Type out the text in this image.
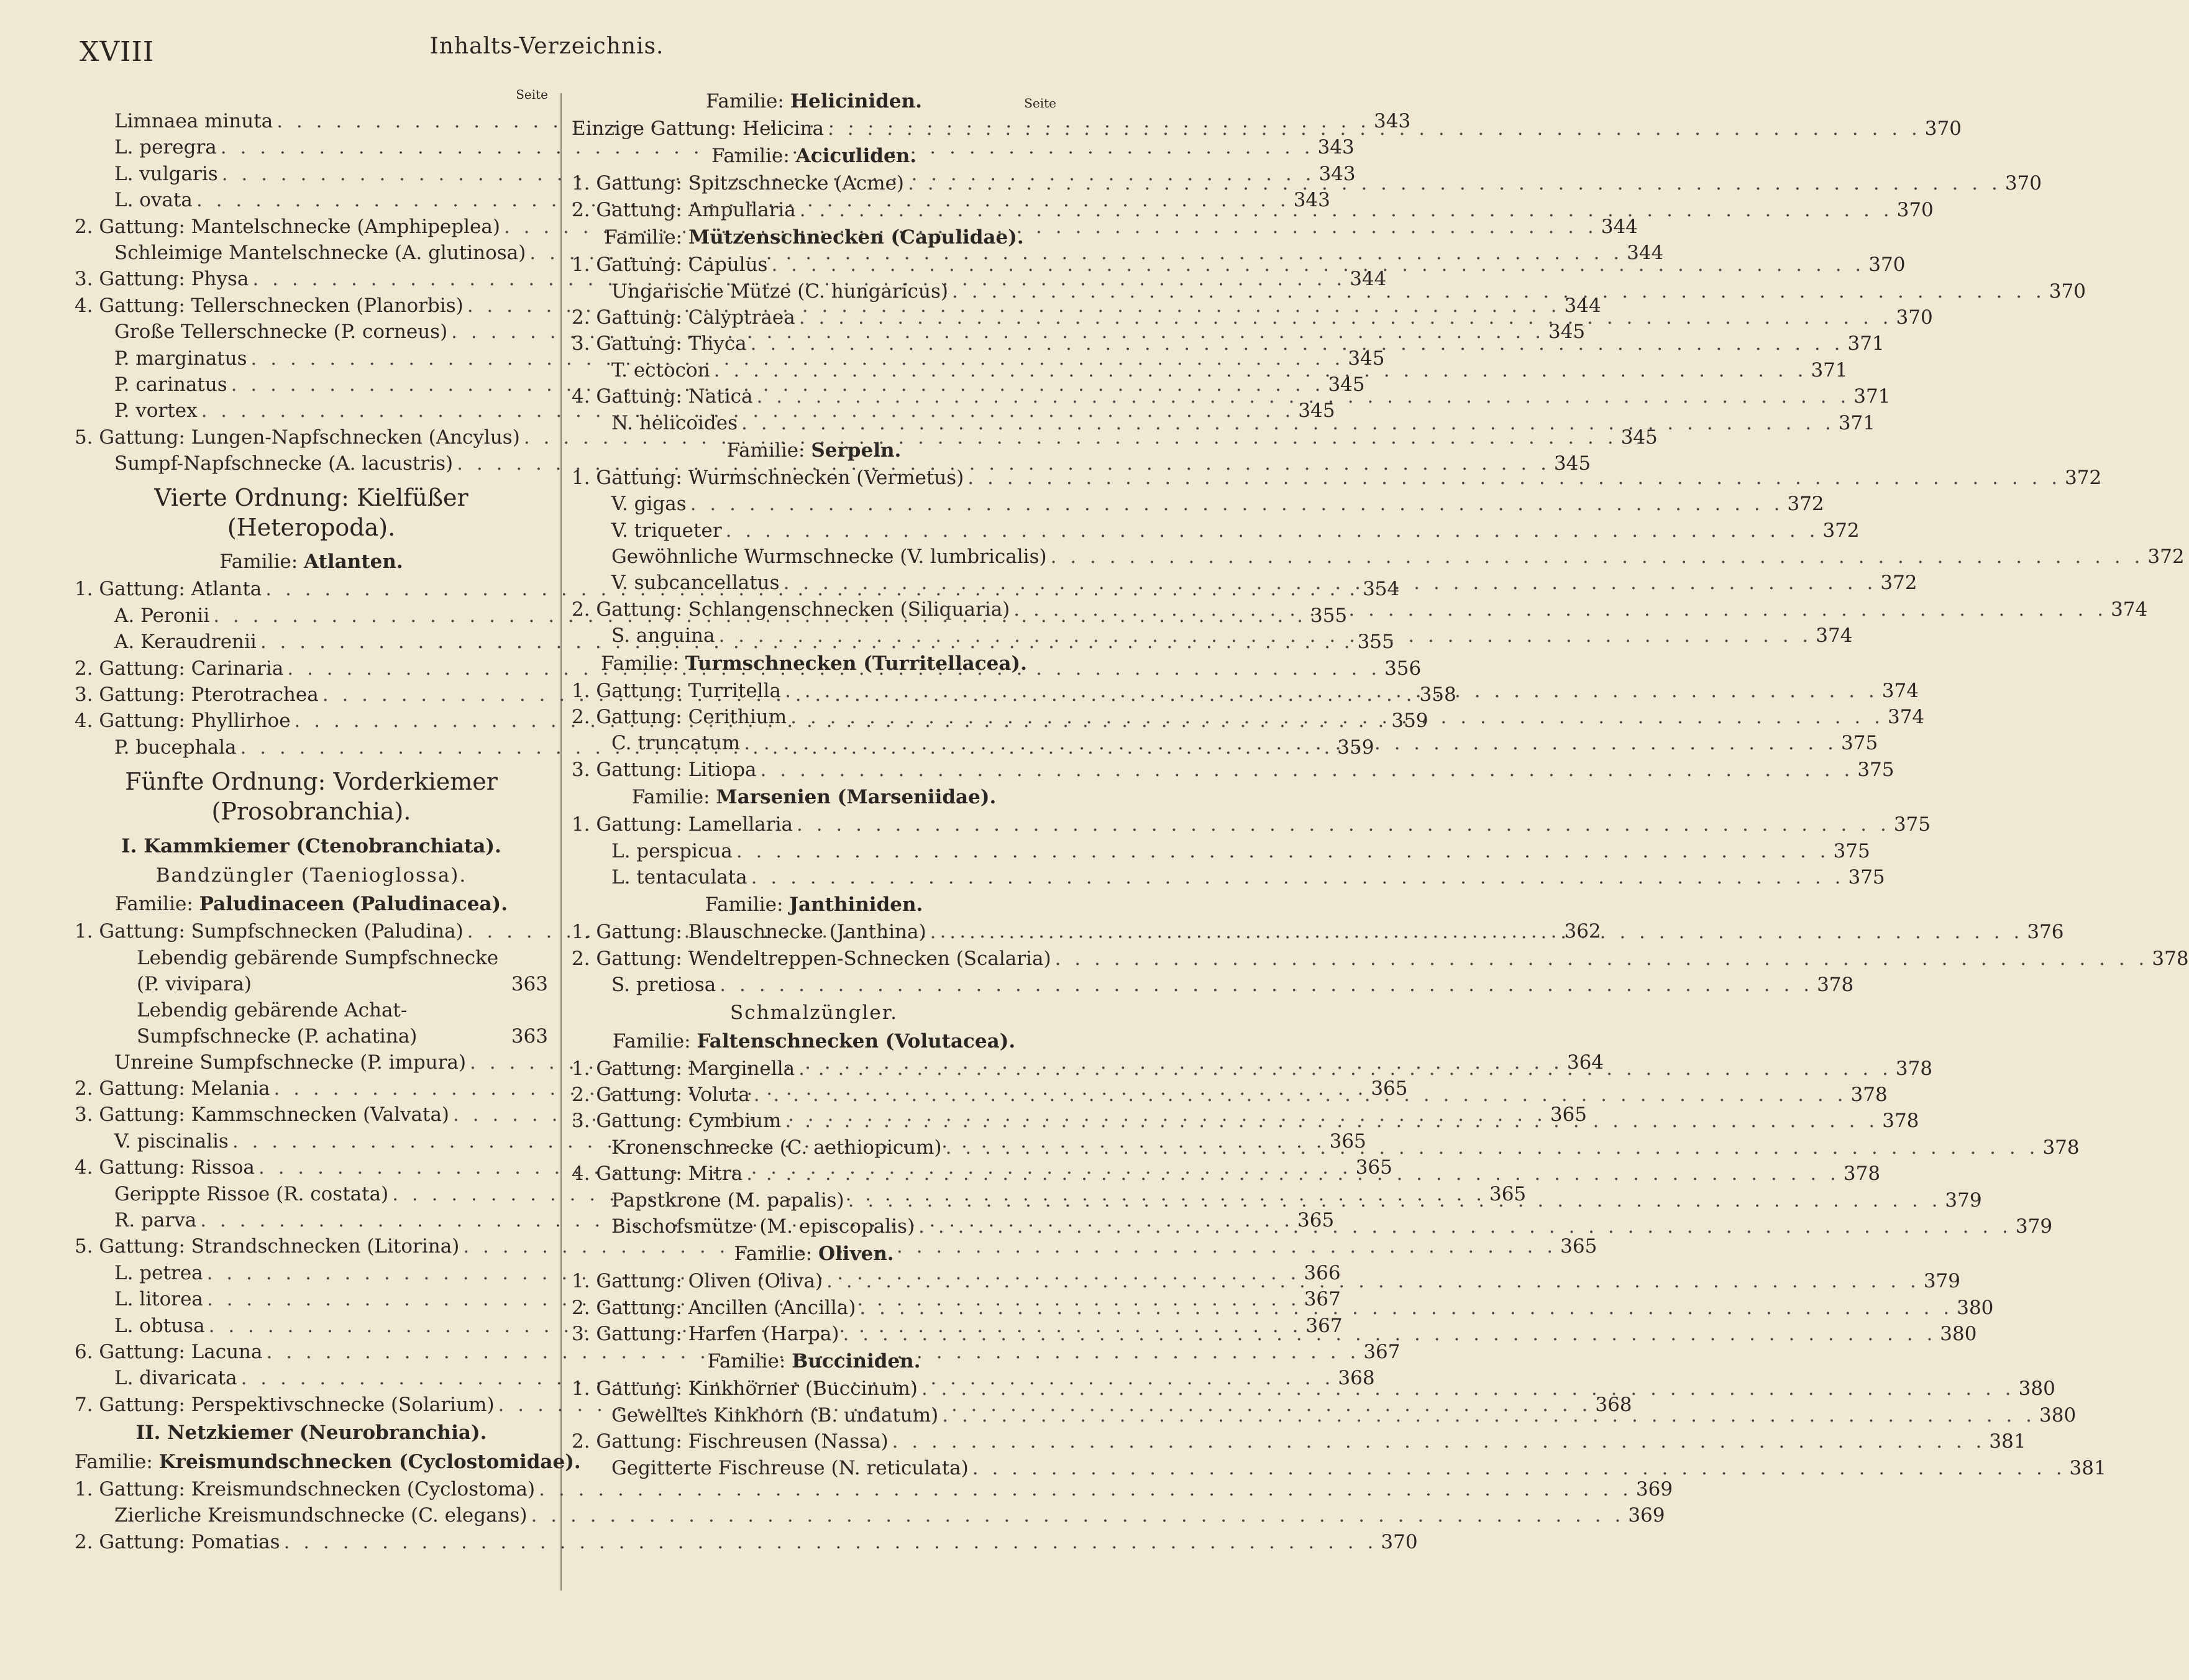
XVIII	Inhalts-Verzeichnis.
Seite
Limnaea minuta . . .	343
L. peregra . . .	343
L. vulgaris . . .	343
L. ovata . . .	343
2. Gattung: Mantelschnecke (Amphipeplea) . . .	344
Schleimige Mantelschnecke (A. glutinosa) . . .	344
3. Gattung: Physa . . .	344
4. Gattung: Tellerschnecken (Planorbis) . . .	344
Große Tellerschnecke (P. corneus) . . .	345
P. marginatus . . .	345
P. carinatus . . .	345
P. vortex . . .	345
5. Gattung: Lungen-Napfschnecken (Ancylus) . . .	345
Sumpf-Napfschnecke (A. lacustris) . . .	345
Vierte Ordnung: Kielfüßer (Heteropoda).
Familie: Atlanten.
1. Gattung: Atlanta . . .	354
A. Peronii . . .	355
A. Keraudrenii . . .	355
2. Gattung: Carinaria . . .	356
3. Gattung: Pterotrachea . . .	358
4. Gattung: Phyllirhoe . . .	359
P. bucephala . . .	359
Fünfte Ordnung: Vorderkiemer (Prosobranchia).
I. Kammkiemer (Ctenobranchiata).
Bandzüngler (Taenioglossa).
Familie: Paludinaceen (Paludinacea).
1. Gattung: Sumpfschnecken (Paludina) . . .	362
Lebendig gebärende Sumpfschnecke (P. vivipara)	363
Lebendig gebärende Achat-Sumpfschnecke (P. achatina)	363
Unreine Sumpfschnecke (P. impura) . . .	364
2. Gattung: Melania . . .	365
3. Gattung: Kammschnecken (Valvata) . . .	365
V. piscinalis . . .	365
4. Gattung: Rissoa . . .	365
Gerippte Rissoe (R. costata) . . .	365
R. parva . . .	365
5. Gattung: Strandschnecken (Litorina) . . .	365
L. petrea . . .	366
L. litorea . . .	367
L. obtusa . . .	367
6. Gattung: Lacuna . . .	367
L. divaricata . . .	368
7. Gattung: Perspektivschnecke (Solarium) . . .	368
II. Netzkiemer (Neurobranchia).
Familie: Kreismundschnecken (Cyclostomidae).
1. Gattung: Kreismundschnecken (Cyclostoma) . . .	369
Zierliche Kreismundschnecke (C. elegans) . . .	369
2. Gattung: Pomatias . . .	370
Seite
Familie: Heliciniden.
Einzige Gattung: Helicina . . .	370
Familie: Aciculiden.
1. Gattung: Spitzschnecke (Acme) . . .	370
2. Gattung: Ampullaria . . .	370
Familie: Mützenschnecken (Capulidae).
1. Gattung: Capulus . . .	370
Ungarische Mütze (C. hungaricus) . . .	370
2. Gattung: Calyptraea . . .	370
3. Gattung: Thyca . . .	371
T. ectocon . . .	371
4. Gattung: Natica . . .	371
N. helicoides . . .	371
Familie: Serpeln.
1. Gattung: Wurmschnecken (Vermetus) . . .	372
V. gigas . . .	372
V. triqueter . . .	372
Gewöhnliche Wurmschnecke (V. lumbricalis) . . .	372
V. subcancellatus . . .	372
2. Gattung: Schlangenschnecken (Siliquaria) . . .	374
S. anguina . . .	374
Familie: Turmschnecken (Turritellacea).
1. Gattung: Turritella . . .	374
2. Gattung: Cerithium . . .	374
C. truncatum . . .	375
3. Gattung: Litiopa . . .	375
Familie: Marsenien (Marseniidae).
1. Gattung: Lamellaria . . .	375
L. perspicua . . .	375
L. tentaculata . . .	375
Familie: Janthiniden.
1. Gattung: Blauschnecke (Janthina) . . .	376
2. Gattung: Wendeltreppen-Schnecken (Scalaria) . . .	378
S. pretiosa . . .	378
Schmalzüngler.
Familie: Faltenschnecken (Volutacea).
1. Gattung: Marginella . . .	378
2. Gattung: Voluta . . .	378
3. Gattung: Cymbium . . .	378
Kronenschnecke (C. aethiopicum) . . .	378
4. Gattung: Mitra . . .	378
Papstkrone (M. papalis) . . .	379
Bischofsmütze (M. episcopalis) . . .	379
Familie: Oliven.
1. Gattung: Oliven (Oliva) . . .	379
2. Gattung: Ancillen (Ancilla) . . .	380
3. Gattung: Harfen (Harpa) . . .	380
Familie: Bucciniden.
1. Gattung: Kinkhörner (Buccinum) . . .	380
Gewelltes Kinkhorn (B. undatum) . . .	380
2. Gattung: Fischreusen (Nassa) . . .	381
Gegitterte Fischreuse (N. reticulata) . . .	381
